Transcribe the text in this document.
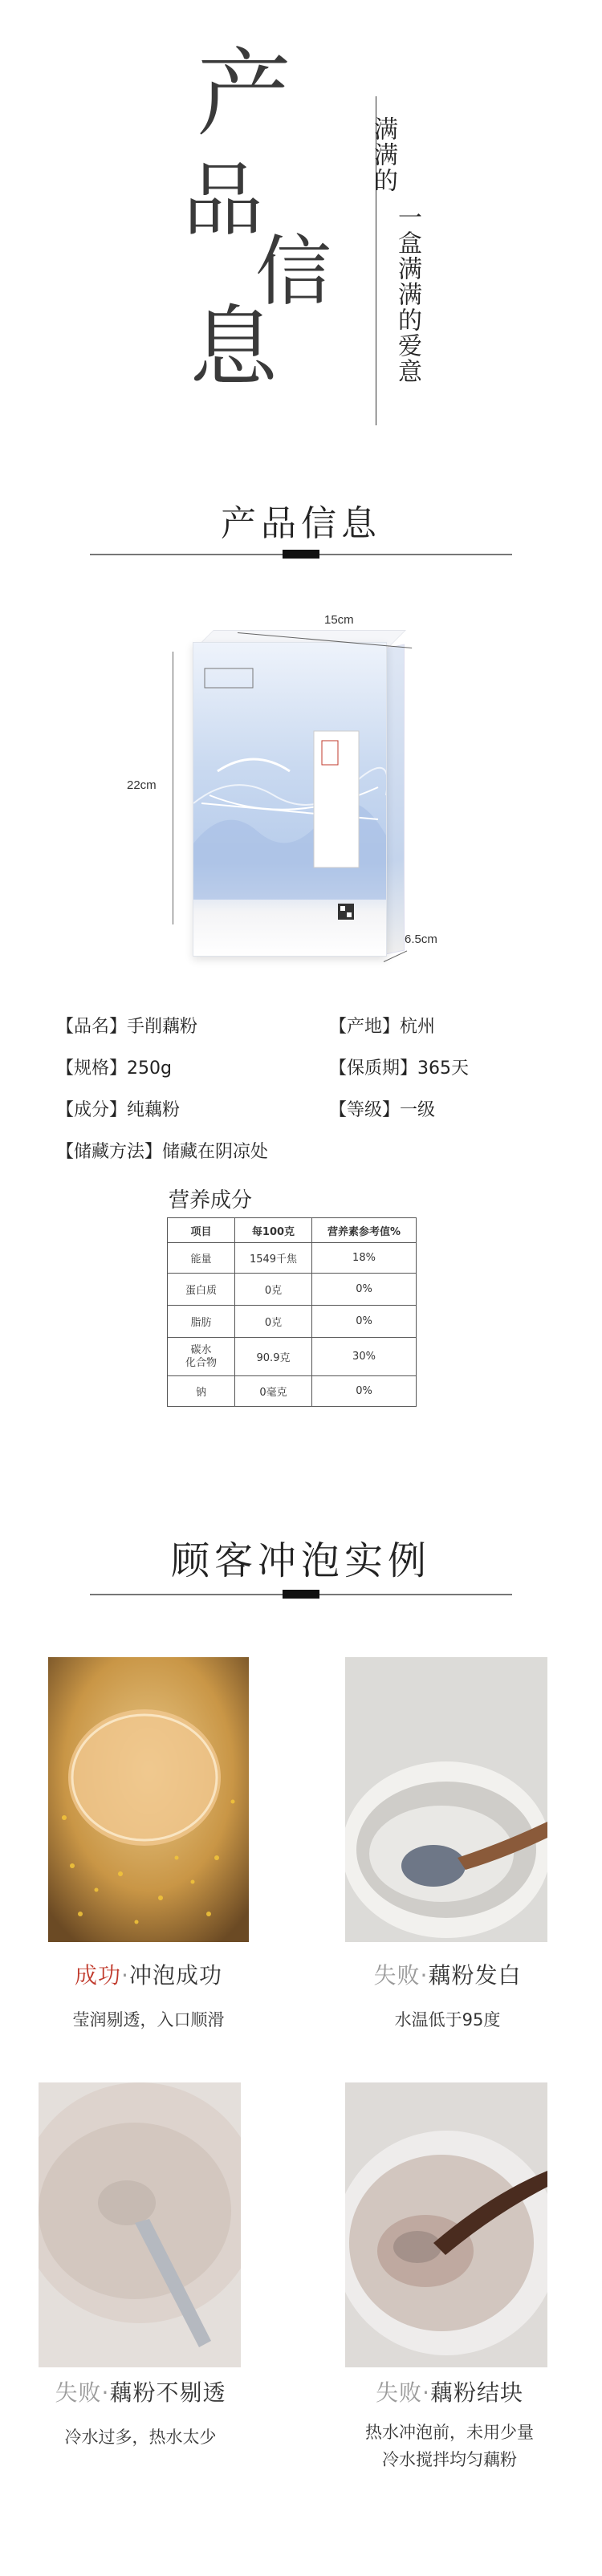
产
品
信
息
满满的
一盒满满的爱意
产品信息
15cm
22cm
6.5cm
【品名】手削藕粉	【产地】杭州
【规格】250g	【保质期】365天
【成分】纯藕粉	【等级】一级
【储藏方法】储藏在阴凉处
营养成分
项目	每100克	营养素参考值%
能量	1549千焦	18%
蛋白质	0克	0%
脂肪	0克	0%
碳水
化合物	90.9克	30%
钠	0毫克	0%
顾客冲泡实例
成功·冲泡成功
莹润剔透，入口顺滑
失败·藕粉发白
水温低于95度
失败·藕粉不剔透
冷水过多，热水太少
失败·藕粉结块
热水冲泡前，未用少量
冷水搅拌均匀藕粉
